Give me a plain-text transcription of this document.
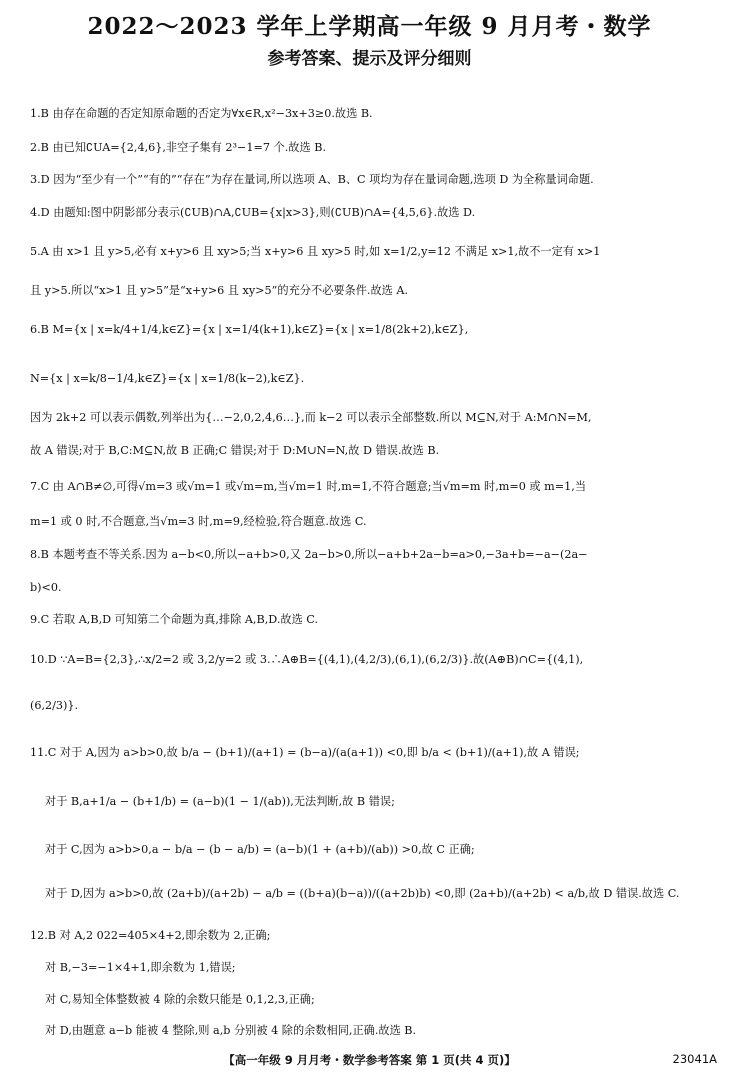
2022～2023 学年上学期高一年级 9 月月考・数学
参考答案、提示及评分细则
1.B 由存在命题的否定知原命题的否定为∀x∈R,x²−3x+3≥0.故选 B.
2.B 由已知∁UA={2,4,6},非空子集有 2³−1=7 个.故选 B.
3.D 因为“至少有一个”“有的”“存在”为存在量词,所以选项 A、B、C 项均为存在量词命题,选项 D 为全称量词命题.
4.D 由题知:图中阴影部分表示(∁UB)∩A,∁UB={x|x>3},则(∁UB)∩A={4,5,6}.故选 D.
5.A 由 x>1 且 y>5,必有 x+y>6 且 xy>5;当 x+y>6 且 xy>5 时,如 x=1/2,y=12 不满足 x>1,故不一定有 x>1
且 y>5.所以“x>1 且 y>5”是“x+y>6 且 xy>5”的充分不必要条件.故选 A.
6.B M={x | x=k/4+1/4,k∈Z}={x | x=1/4(k+1),k∈Z}={x | x=1/8(2k+2),k∈Z},
N={x | x=k/8−1/4,k∈Z}={x | x=1/8(k−2),k∈Z}.
因为 2k+2 可以表示偶数,列举出为{…−2,0,2,4,6…},而 k−2 可以表示全部整数.所以 M⊆N,对于 A:M∩N=M,
故 A 错误;对于 B,C:M⊆N,故 B 正确;C 错误;对于 D:M∪N=N,故 D 错误.故选 B.
7.C 由 A∩B≠∅,可得√m=3 或√m=1 或√m=m,当√m=1 时,m=1,不符合题意;当√m=m 时,m=0 或 m=1,当
m=1 或 0 时,不合题意,当√m=3 时,m=9,经检验,符合题意.故选 C.
8.B 本题考查不等关系.因为 a−b<0,所以−a+b>0,又 2a−b>0,所以−a+b+2a−b=a>0,−3a+b=−a−(2a−
b)<0.
9.C 若取 A,B,D 可知第二个命题为真,排除 A,B,D.故选 C.
10.D ∵A=B={2,3},∴x/2=2 或 3,2/y=2 或 3.∴A⊕B={(4,1),(4,2/3),(6,1),(6,2/3)}.故(A⊕B)∩C={(4,1),
(6,2/3)}.
11.C 对于 A,因为 a>b>0,故 b/a − (b+1)/(a+1) = (b−a)/(a(a+1)) <0,即 b/a < (b+1)/(a+1),故 A 错误;
对于 B,a+1/a − (b+1/b) = (a−b)(1 − 1/(ab)),无法判断,故 B 错误;
对于 C,因为 a>b>0,a − b/a − (b − a/b) = (a−b)(1 + (a+b)/(ab)) >0,故 C 正确;
对于 D,因为 a>b>0,故 (2a+b)/(a+2b) − a/b = ((b+a)(b−a))/((a+2b)b) <0,即 (2a+b)/(a+2b) < a/b,故 D 错误.故选 C.
12.B 对 A,2 022=405×4+2,即余数为 2,正确;
对 B,−3=−1×4+1,即余数为 1,错误;
对 C,易知全体整数被 4 除的余数只能是 0,1,2,3,正确;
对 D,由题意 a−b 能被 4 整除,则 a,b 分别被 4 除的余数相同,正确.故选 B.
【高一年级 9 月月考・数学参考答案 第 1 页(共 4 页)】	23041A
